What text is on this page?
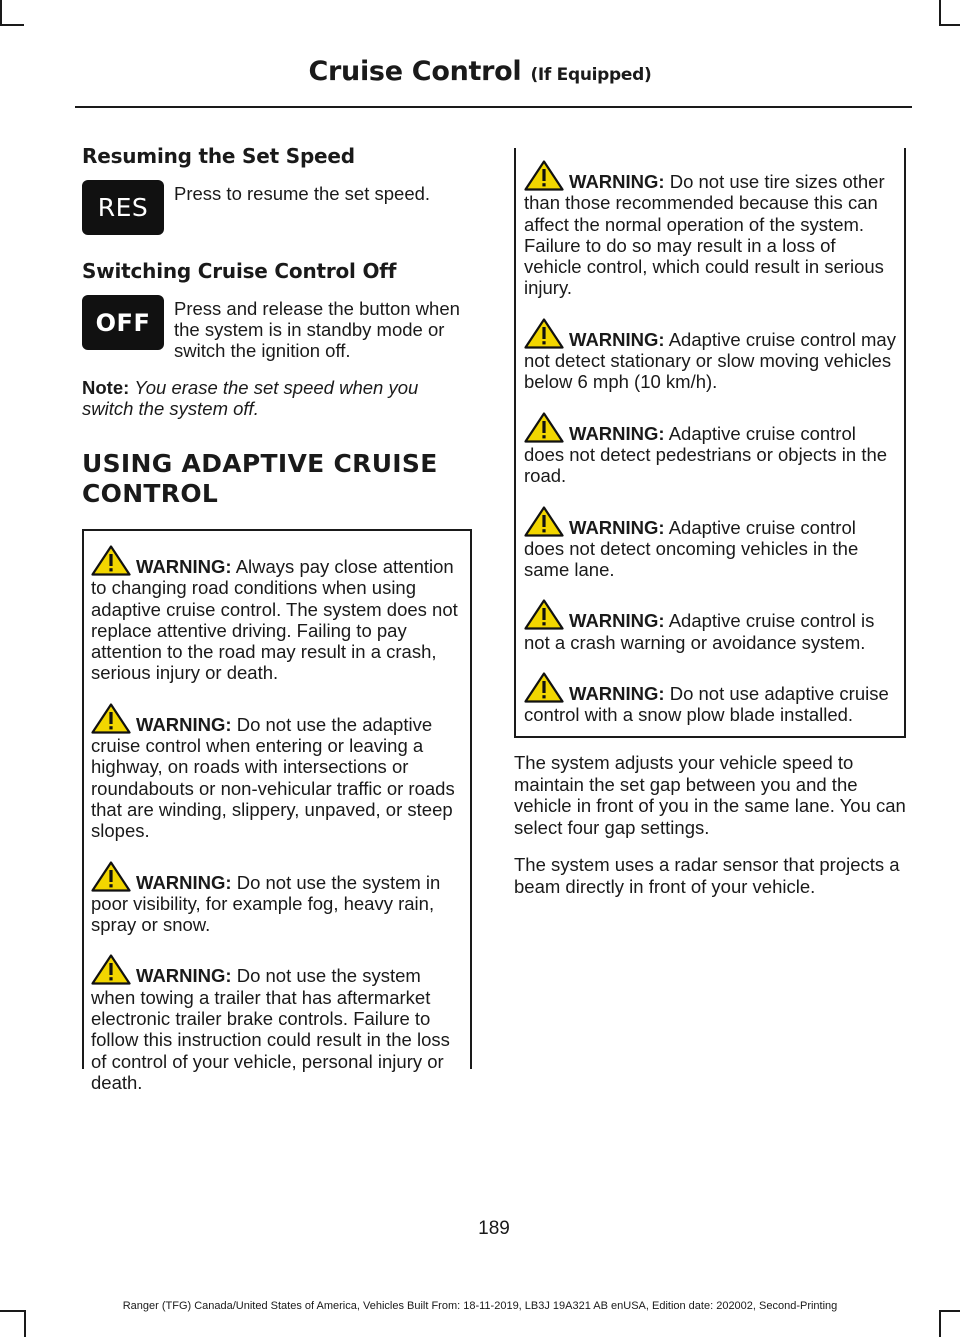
Cruise Control (If Equipped)
Resuming the Set Speed
RES	Press to resume the set speed.
Switching Cruise Control Off
OFF	Press and release the button when the system is in standby mode or switch the ignition off.

Note: You erase the set speed when you switch the system off.

USING ADAPTIVE CRUISE
CONTROL
WARNING: Always pay close attention to changing road conditions when using adaptive cruise control. The system does not replace attentive driving. Failing to pay attention to the road may result in a crash, serious injury or death.
WARNING: Do not use the adaptive cruise control when entering or leaving a highway, on roads with intersections or roundabouts or non-vehicular traffic or roads that are winding, slippery, unpaved, or steep slopes.
WARNING: Do not use the system in poor visibility, for example fog, heavy rain, spray or snow.
WARNING: Do not use the system when towing a trailer that has aftermarket electronic trailer brake controls. Failure to follow this instruction could result in the loss of control of your vehicle, personal injury or death.
WARNING: Do not use tire sizes other than those recommended because this can affect the normal operation of the system. Failure to do so may result in a loss of vehicle control, which could result in serious injury.
WARNING: Adaptive cruise control may not detect stationary or slow moving vehicles below 6 mph (10 km/h).
WARNING: Adaptive cruise control does not detect pedestrians or objects in the road.
WARNING: Adaptive cruise control does not detect oncoming vehicles in the same lane.
WARNING: Adaptive cruise control is not a crash warning or avoidance system.
WARNING: Do not use adaptive cruise control with a snow plow blade installed.

The system adjusts your vehicle speed to maintain the set gap between you and the vehicle in front of you in the same lane. You can select four gap settings.

The system uses a radar sensor that projects a beam directly in front of your vehicle.

189
Ranger (TFG) Canada/United States of America, Vehicles Built From: 18-11-2019, LB3J 19A321 AB enUSA, Edition date: 202002, Second-Printing
